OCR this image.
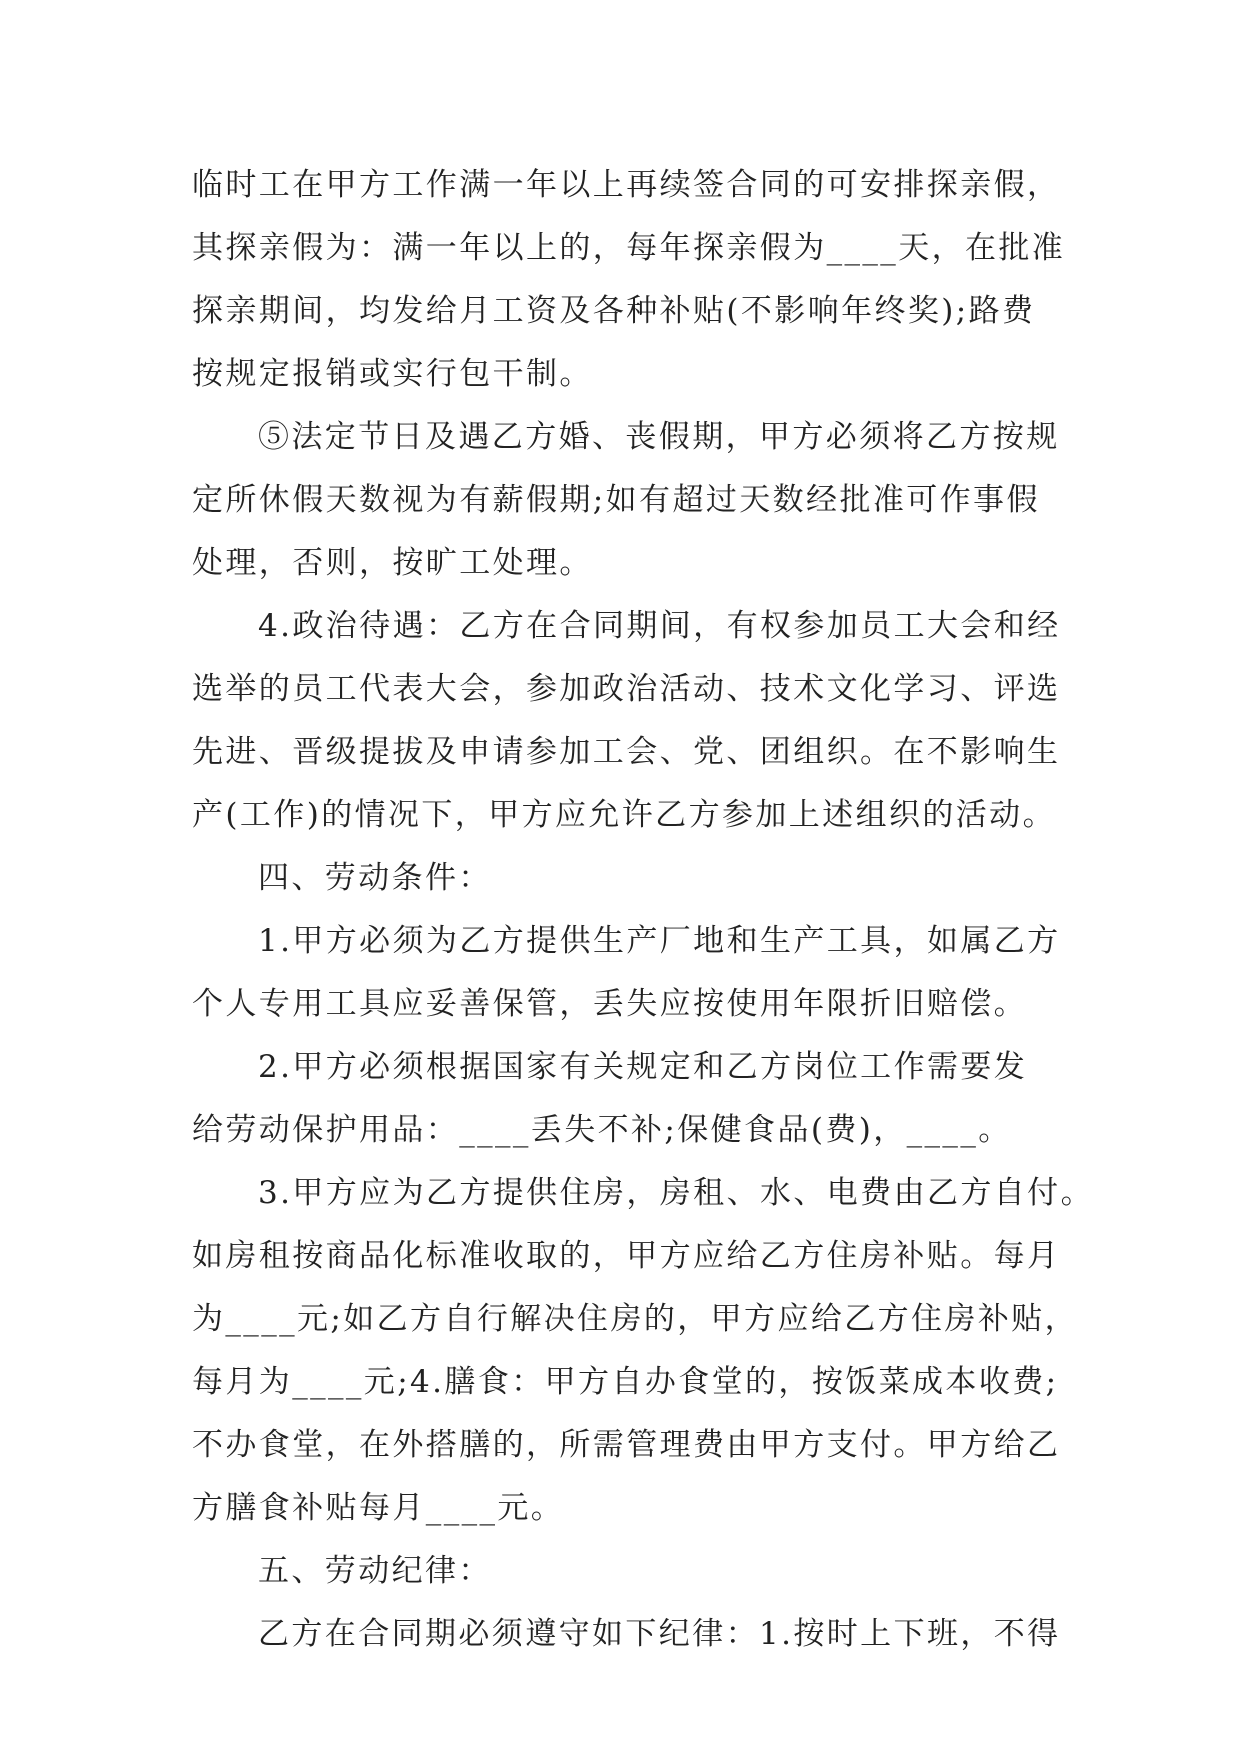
临时工在甲方工作满一年以上再续签合同的可安排探亲假，
其探亲假为：满一年以上的，每年探亲假为____天，在批准
探亲期间，均发给月工资及各种补贴(不影响年终奖);路费
按规定报销或实行包干制。
⑤法定节日及遇乙方婚、丧假期，甲方必须将乙方按规
定所休假天数视为有薪假期;如有超过天数经批准可作事假
处理，否则，按旷工处理。
4.政治待遇：乙方在合同期间，有权参加员工大会和经
选举的员工代表大会，参加政治活动、技术文化学习、评选
先进、晋级提拔及申请参加工会、党、团组织。在不影响生
产(工作)的情况下，甲方应允许乙方参加上述组织的活动。
四、劳动条件：
1.甲方必须为乙方提供生产厂地和生产工具，如属乙方
个人专用工具应妥善保管，丢失应按使用年限折旧赔偿。
2.甲方必须根据国家有关规定和乙方岗位工作需要发
给劳动保护用品：____丢失不补;保健食品(费)，____。
3.甲方应为乙方提供住房，房租、水、电费由乙方自付。
如房租按商品化标准收取的，甲方应给乙方住房补贴。每月
为____元;如乙方自行解决住房的，甲方应给乙方住房补贴，
每月为____元;4.膳食：甲方自办食堂的，按饭菜成本收费;
不办食堂，在外搭膳的，所需管理费由甲方支付。甲方给乙
方膳食补贴每月____元。
五、劳动纪律：
乙方在合同期必须遵守如下纪律：1.按时上下班，不得
